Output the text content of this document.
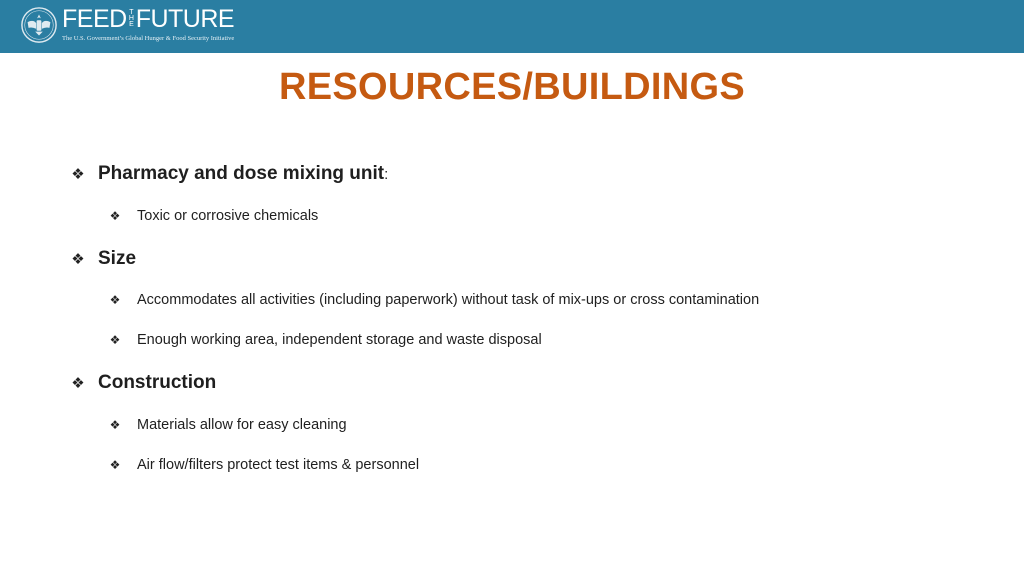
FEED THE FUTURE
The U.S. Government’s Global Hunger & Food Security Initiative
RESOURCES/BUILDINGS
❖ Pharmacy and dose mixing unit :
❖ Toxic or corrosive chemicals
❖ Size
❖ Accommodates all activities (including paperwork) without task of mix-ups or cross contamination
❖ Enough working area, independent storage and waste disposal
❖ Construction
❖ Materials allow for easy cleaning
❖ Air flow/filters protect test items & personnel
